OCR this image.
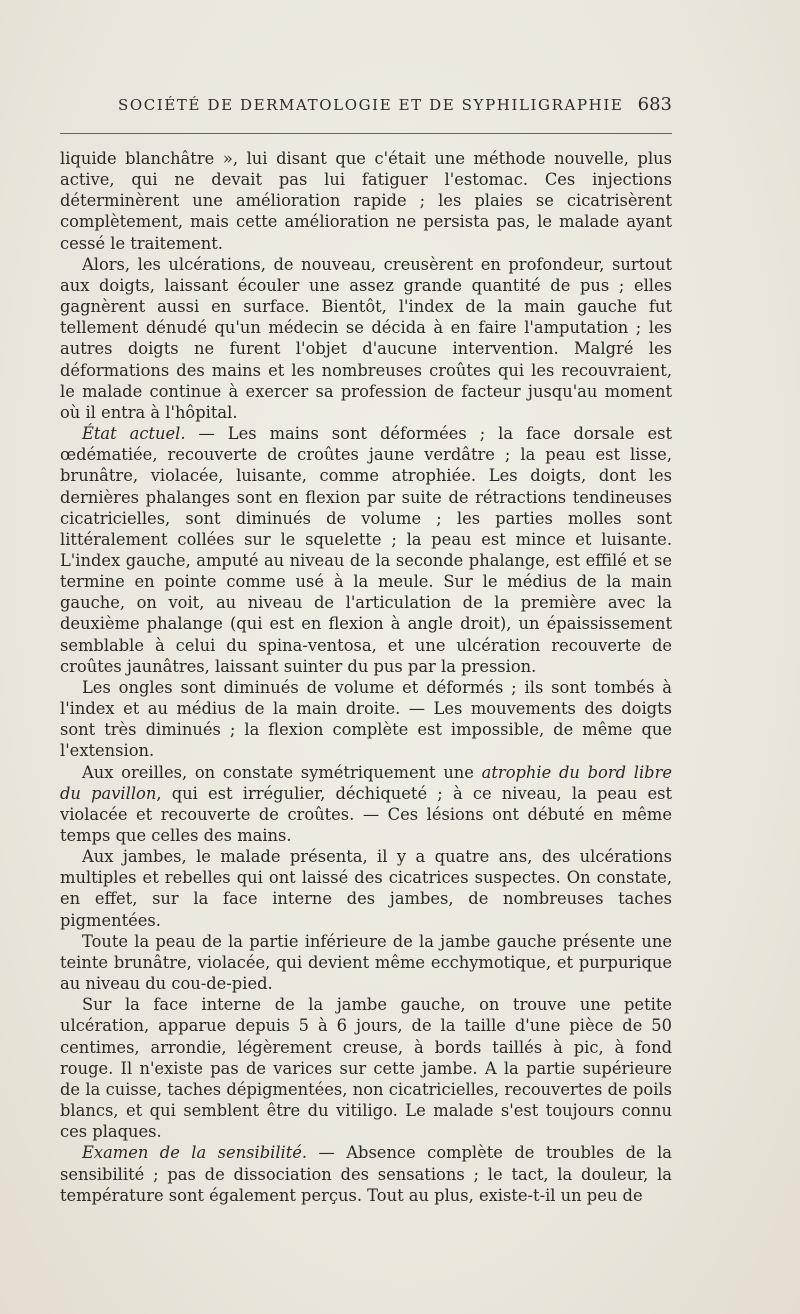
SOCIÉTÉ DE DERMATOLOGIE ET DE SYPHILIGRAPHIE 683

liquide blanchâtre », lui disant que c'était une méthode nouvelle, plus active, qui ne devait pas lui fatiguer l'estomac. Ces injections déterminèrent une amélioration rapide ; les plaies se cicatrisèrent complètement, mais cette amélioration ne persista pas, le malade ayant cessé le traitement.

Alors, les ulcérations, de nouveau, creusèrent en profondeur, surtout aux doigts, laissant écouler une assez grande quantité de pus ; elles gagnèrent aussi en surface. Bientôt, l'index de la main gauche fut tellement dénudé qu'un médecin se décida à en faire l'amputation ; les autres doigts ne furent l'objet d'aucune intervention. Malgré les déformations des mains et les nombreuses croûtes qui les recouvraient, le malade continue à exercer sa profession de facteur jusqu'au moment où il entra à l'hôpital.

État actuel. — Les mains sont déformées ; la face dorsale est œdématiée, recouverte de croûtes jaune verdâtre ; la peau est lisse, brunâtre, violacée, luisante, comme atrophiée. Les doigts, dont les dernières phalanges sont en flexion par suite de rétractions tendineuses cicatricielles, sont diminués de volume ; les parties molles sont littéralement collées sur le squelette ; la peau est mince et luisante. L'index gauche, amputé au niveau de la seconde phalange, est effilé et se termine en pointe comme usé à la meule. Sur le médius de la main gauche, on voit, au niveau de l'articulation de la première avec la deuxième phalange (qui est en flexion à angle droit), un épaississement semblable à celui du spina-ventosa, et une ulcération recouverte de croûtes jaunâtres, laissant suinter du pus par la pression.

Les ongles sont diminués de volume et déformés ; ils sont tombés à l'index et au médius de la main droite. — Les mouvements des doigts sont très diminués ; la flexion complète est impossible, de même que l'extension.

Aux oreilles, on constate symétriquement une atrophie du bord libre du pavillon, qui est irrégulier, déchiqueté ; à ce niveau, la peau est violacée et recouverte de croûtes. — Ces lésions ont débuté en même temps que celles des mains.

Aux jambes, le malade présenta, il y a quatre ans, des ulcérations multiples et rebelles qui ont laissé des cicatrices suspectes. On constate, en effet, sur la face interne des jambes, de nombreuses taches pigmentées.

Toute la peau de la partie inférieure de la jambe gauche présente une teinte brunâtre, violacée, qui devient même ecchymotique, et purpurique au niveau du cou-de-pied.

Sur la face interne de la jambe gauche, on trouve une petite ulcération, apparue depuis 5 à 6 jours, de la taille d'une pièce de 50 centimes, arrondie, légèrement creuse, à bords taillés à pic, à fond rouge. Il n'existe pas de varices sur cette jambe. A la partie supérieure de la cuisse, taches dépigmentées, non cicatricielles, recouvertes de poils blancs, et qui semblent être du vitiligo. Le malade s'est toujours connu ces plaques.

Examen de la sensibilité. — Absence complète de troubles de la sensibilité ; pas de dissociation des sensations ; le tact, la douleur, la température sont également perçus. Tout au plus, existe-t-il un peu de
